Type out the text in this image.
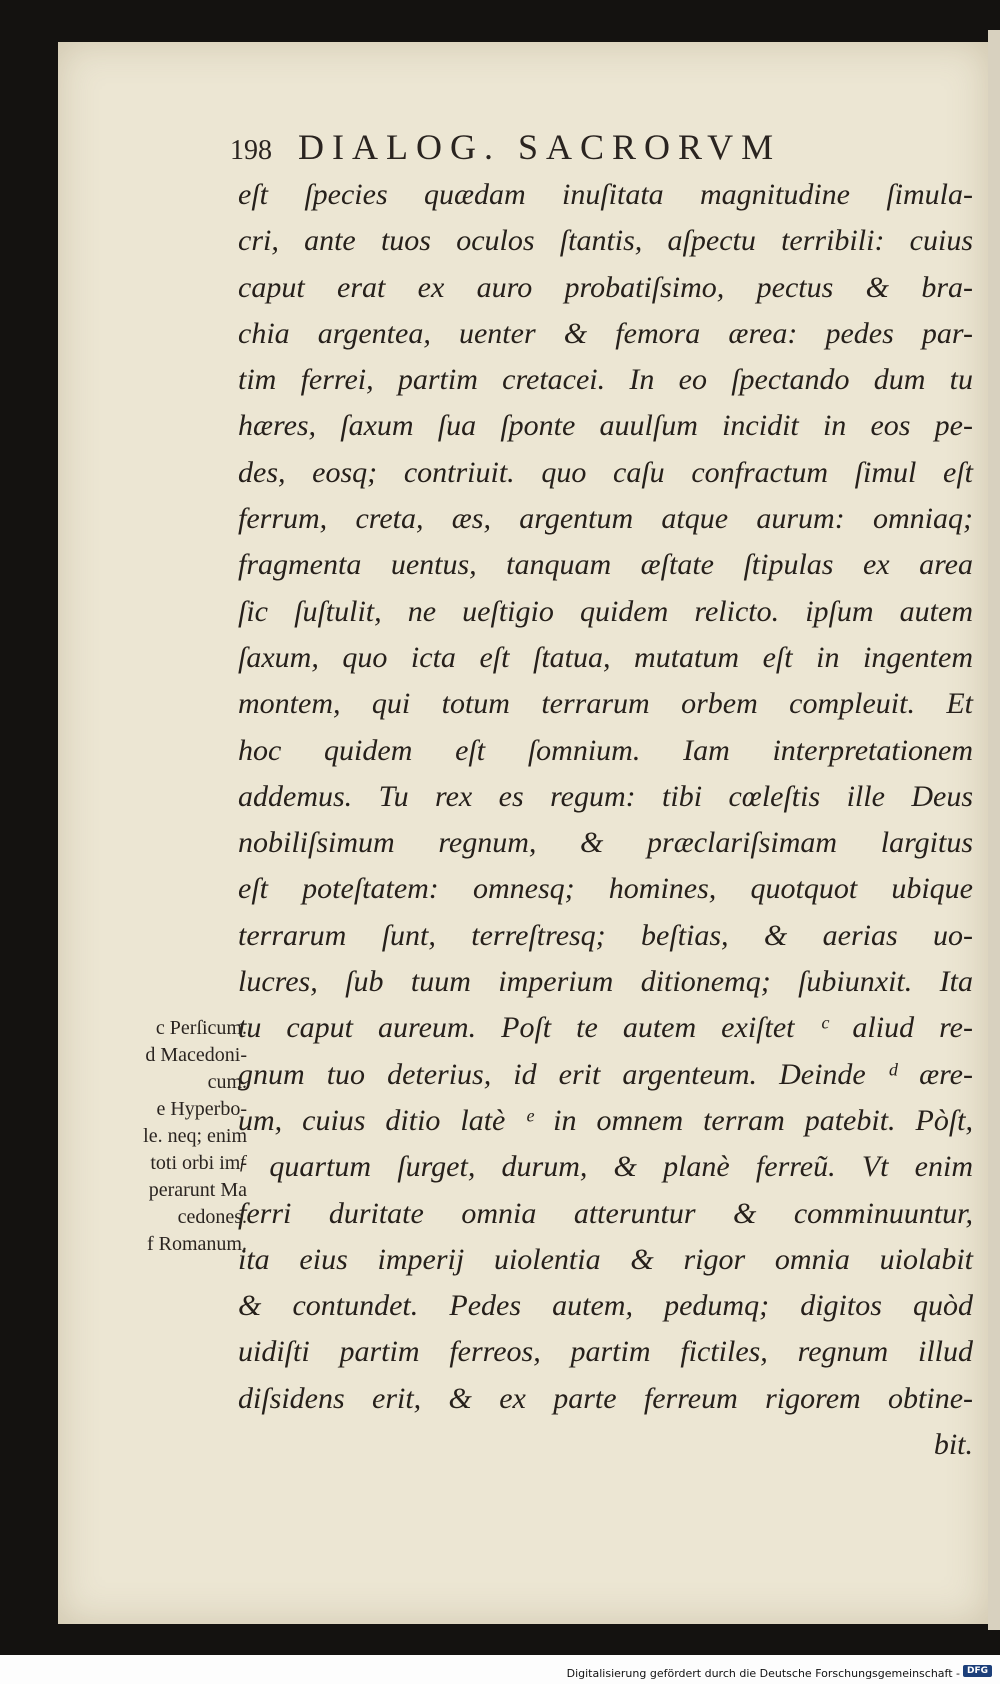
198 DIALOG. SACRORVM
eſt ſpecies quædam inuſitata magnitudine ſimula-
cri, ante tuos oculos ſtantis, aſpectu terribili: cuius
caput erat ex auro probatiſsimo, pectus & bra-
chia argentea, uenter & femora ærea: pedes par-
tim ferrei, partim cretacei. In eo ſpectando dum tu
hæres, ſaxum ſua ſponte auulſum incidit in eos pe-
des, eosq; contriuit. quo caſu confractum ſimul eſt
ferrum, creta, æs, argentum atque aurum: omniaq;
fragmenta uentus, tanquam æſtate ſtipulas ex area
ſic ſuſtulit, ne ueſtigio quidem relicto. ipſum autem
ſaxum, quo icta eſt ſtatua, mutatum eſt in ingentem
montem, qui totum terrarum orbem compleuit. Et
hoc quidem eſt ſomnium. Iam interpretationem
addemus. Tu rex es regum: tibi cœleſtis ille Deus
nobiliſsimum regnum, & præclariſsimam largitus
eſt poteſtatem: omnesq; homines, quotquot ubique
terrarum ſunt, terreſtresq; beſtias, & aerias uo-
lucres, ſub tuum imperium ditionemq; ſubiunxit. Ita
tu caput aureum. Poſt te autem exiſtet ᶜ aliud re-
gnum tuo deterius, id erit argenteum. Deinde ᵈ ære-
um, cuius ditio latè ᵉ in omnem terram patebit. Pòſt,
ᶠ quartum ſurget, durum, & planè ferreũ. Vt enim
ferri duritate omnia atteruntur & comminuuntur,
ita eius imperij uiolentia & rigor omnia uiolabit
& contundet. Pedes autem, pedumq; digitos quòd
uidiſti partim ferreos, partim fictiles, regnum illud
diſsidens erit, & ex parte ferreum rigorem obtine-
bit.
c Perſicum.
d Macedoni-
cum.
e Hyperbo-
le. neq; enim
toti orbi im-
perarunt Ma
cedones.
f Romanum.
Digitalisierung gefördert durch die Deutsche Forschungsgemeinschaft - DFG
